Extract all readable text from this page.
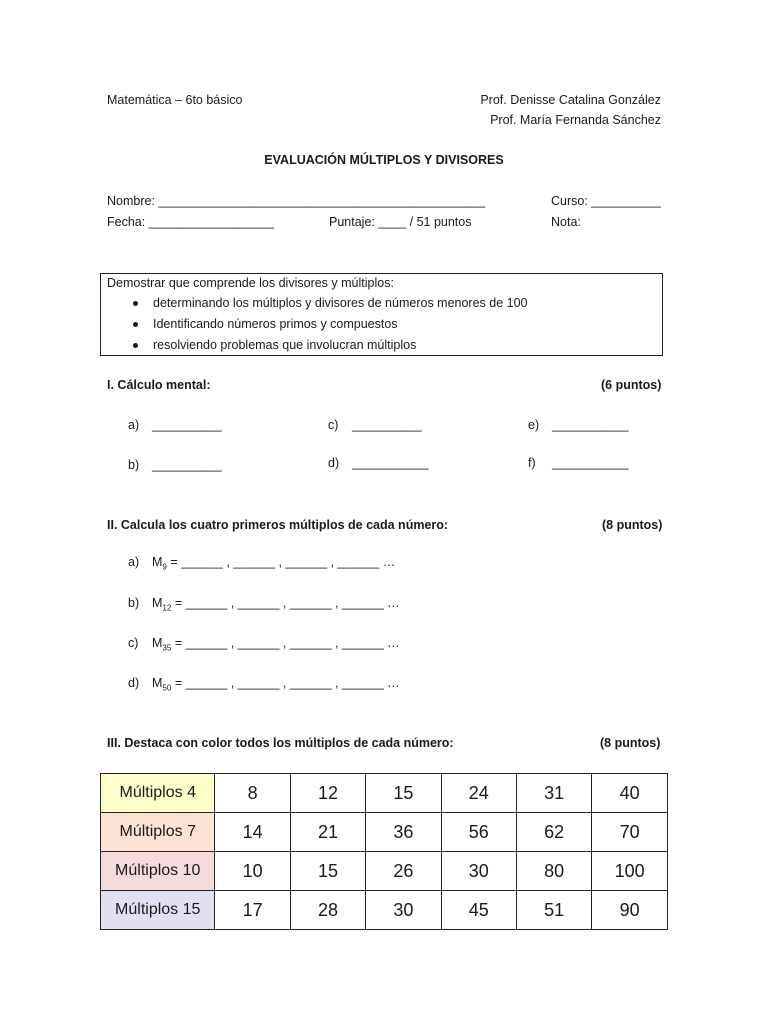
Matemática – 6to básico	Prof. Denisse Catalina González
Prof. María Fernanda Sánchez
EVALUACIÓN MÚLTIPLOS Y DIVISORES
Nombre: _______________________________________________	Curso: __________
Fecha: __________________	Puntaje: ____ / 51 puntos	Nota:
Demostrar que comprende los divisores y múltiplos:
determinando los múltiplos y divisores de números menores de 100
Identificando números primos y compuestos
resolviendo problemas que involucran múltiplos
I. Cálculo mental:	(6 puntos)
a) __________
b) __________
c) __________
d) ___________
e) ___________
f) ___________
II. Calcula los cuatro primeros múltiplos de cada número:	(8 puntos)
a) $M_9$ = ______ , ______ , ______ , ______ …
b) $M_{12}$ = ______ , ______ , ______ , ______ …
c) $M_{35}$ = ______ , ______ , ______ , ______ …
d) $M_{50}$ = ______ , ______ , ______ , ______ …
III. Destaca con color todos los múltiplos de cada número:	(8 puntos)
Múltiplos 4	8	12	15	24	31	40
Múltiplos 7	14	21	36	56	62	70
Múltiplos 10	10	15	26	30	80	100
Múltiplos 15	17	28	30	45	51	90
